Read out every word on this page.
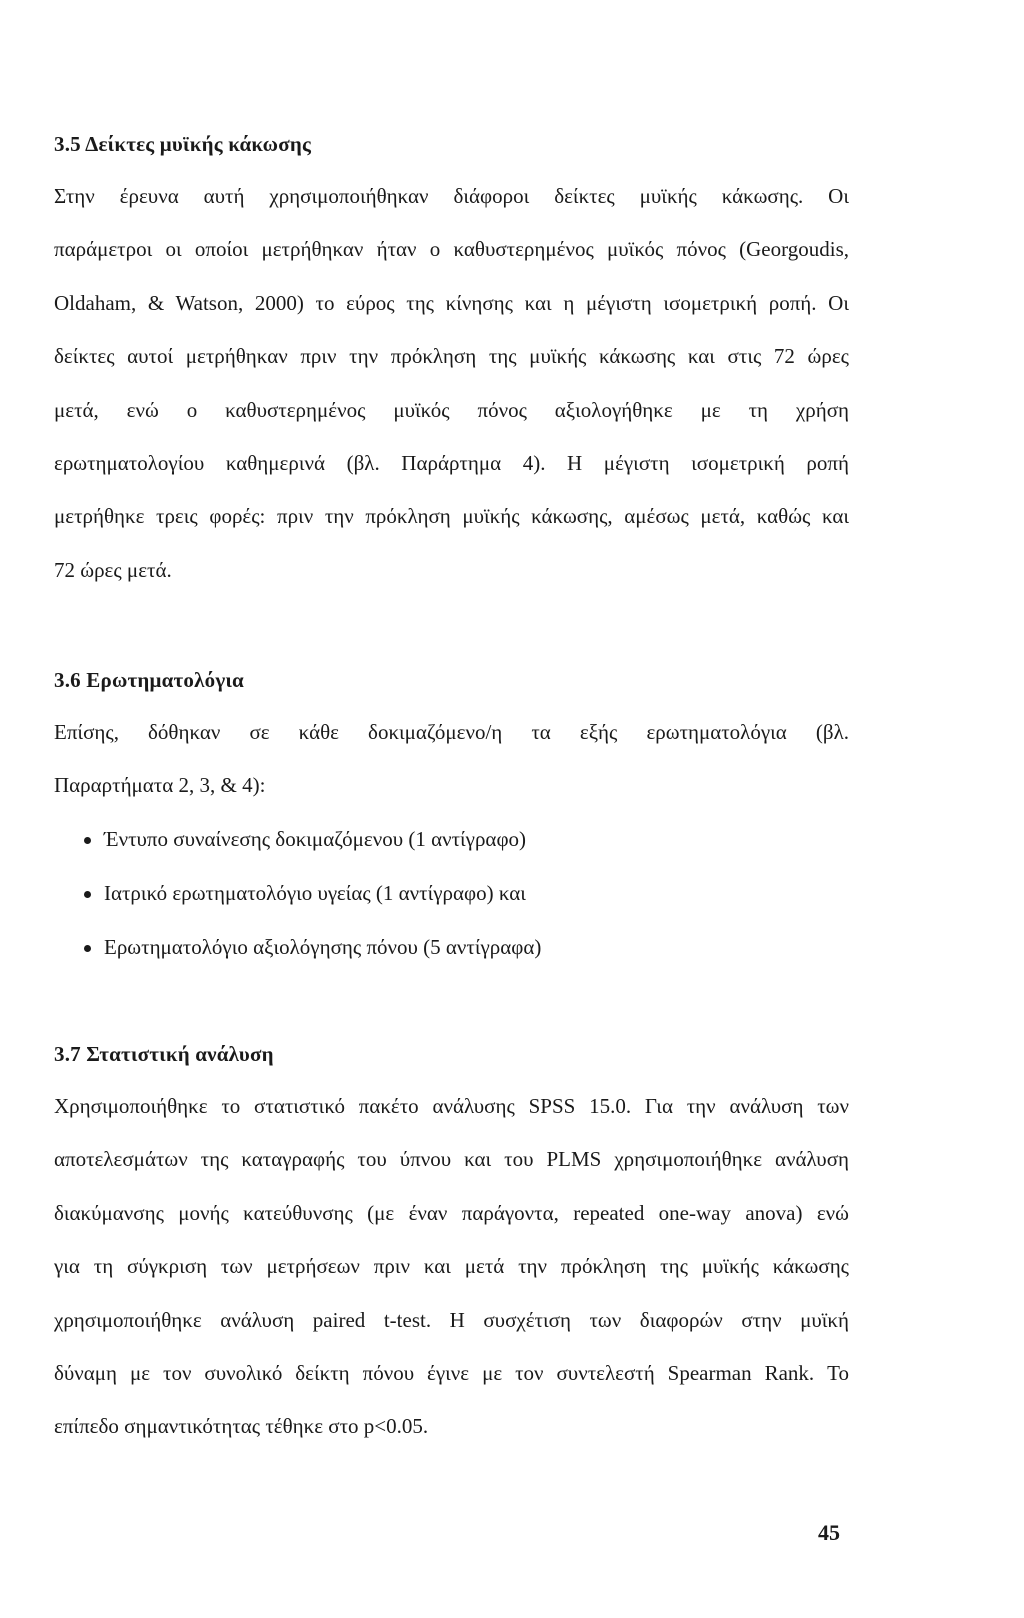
3.5 Δείκτες μυϊκής κάκωσης

Στην έρευνα αυτή χρησιμοποιήθηκαν διάφοροι δείκτες μυϊκής κάκωσης. Οι
παράμετροι οι οποίοι μετρήθηκαν ήταν ο καθυστερημένος μυϊκός πόνος (Georgoudis,
Oldaham, & Watson, 2000) το εύρος της κίνησης και η μέγιστη ισομετρική ροπή. Οι
δείκτες αυτοί μετρήθηκαν πριν την πρόκληση της μυϊκής κάκωσης και στις 72 ώρες
μετά, ενώ ο καθυστερημένος μυϊκός πόνος αξιολογήθηκε με τη χρήση
ερωτηματολογίου καθημερινά (βλ. Παράρτημα 4). Η μέγιστη ισομετρική ροπή
μετρήθηκε τρεις φορές: πριν την πρόκληση μυϊκής κάκωσης, αμέσως μετά, καθώς και
72 ώρες μετά.

3.6 Ερωτηματολόγια

Επίσης, δόθηκαν σε κάθε δοκιμαζόμενο/η τα εξής ερωτηματολόγια (βλ.
Παραρτήματα 2, 3, & 4):

Έντυπο συναίνεσης δοκιμαζόμενου (1 αντίγραφο)
Ιατρικό ερωτηματολόγιο υγείας (1 αντίγραφο) και
Ερωτηματολόγιο αξιολόγησης πόνου (5 αντίγραφα)
3.7 Στατιστική ανάλυση

Χρησιμοποιήθηκε το στατιστικό πακέτο ανάλυσης SPSS 15.0. Για την ανάλυση των
αποτελεσμάτων της καταγραφής του ύπνου και του PLMS χρησιμοποιήθηκε ανάλυση
διακύμανσης μονής κατεύθυνσης (με έναν παράγοντα, repeated one-way anova) ενώ
για τη σύγκριση των μετρήσεων πριν και μετά την πρόκληση της μυϊκής κάκωσης
χρησιμοποιήθηκε ανάλυση paired t-test. Η συσχέτιση των διαφορών στην μυϊκή
δύναμη με τον συνολικό δείκτη πόνου έγινε με τον συντελεστή Spearman Rank. Το
επίπεδο σημαντικότητας τέθηκε στο p<0.05.

45
